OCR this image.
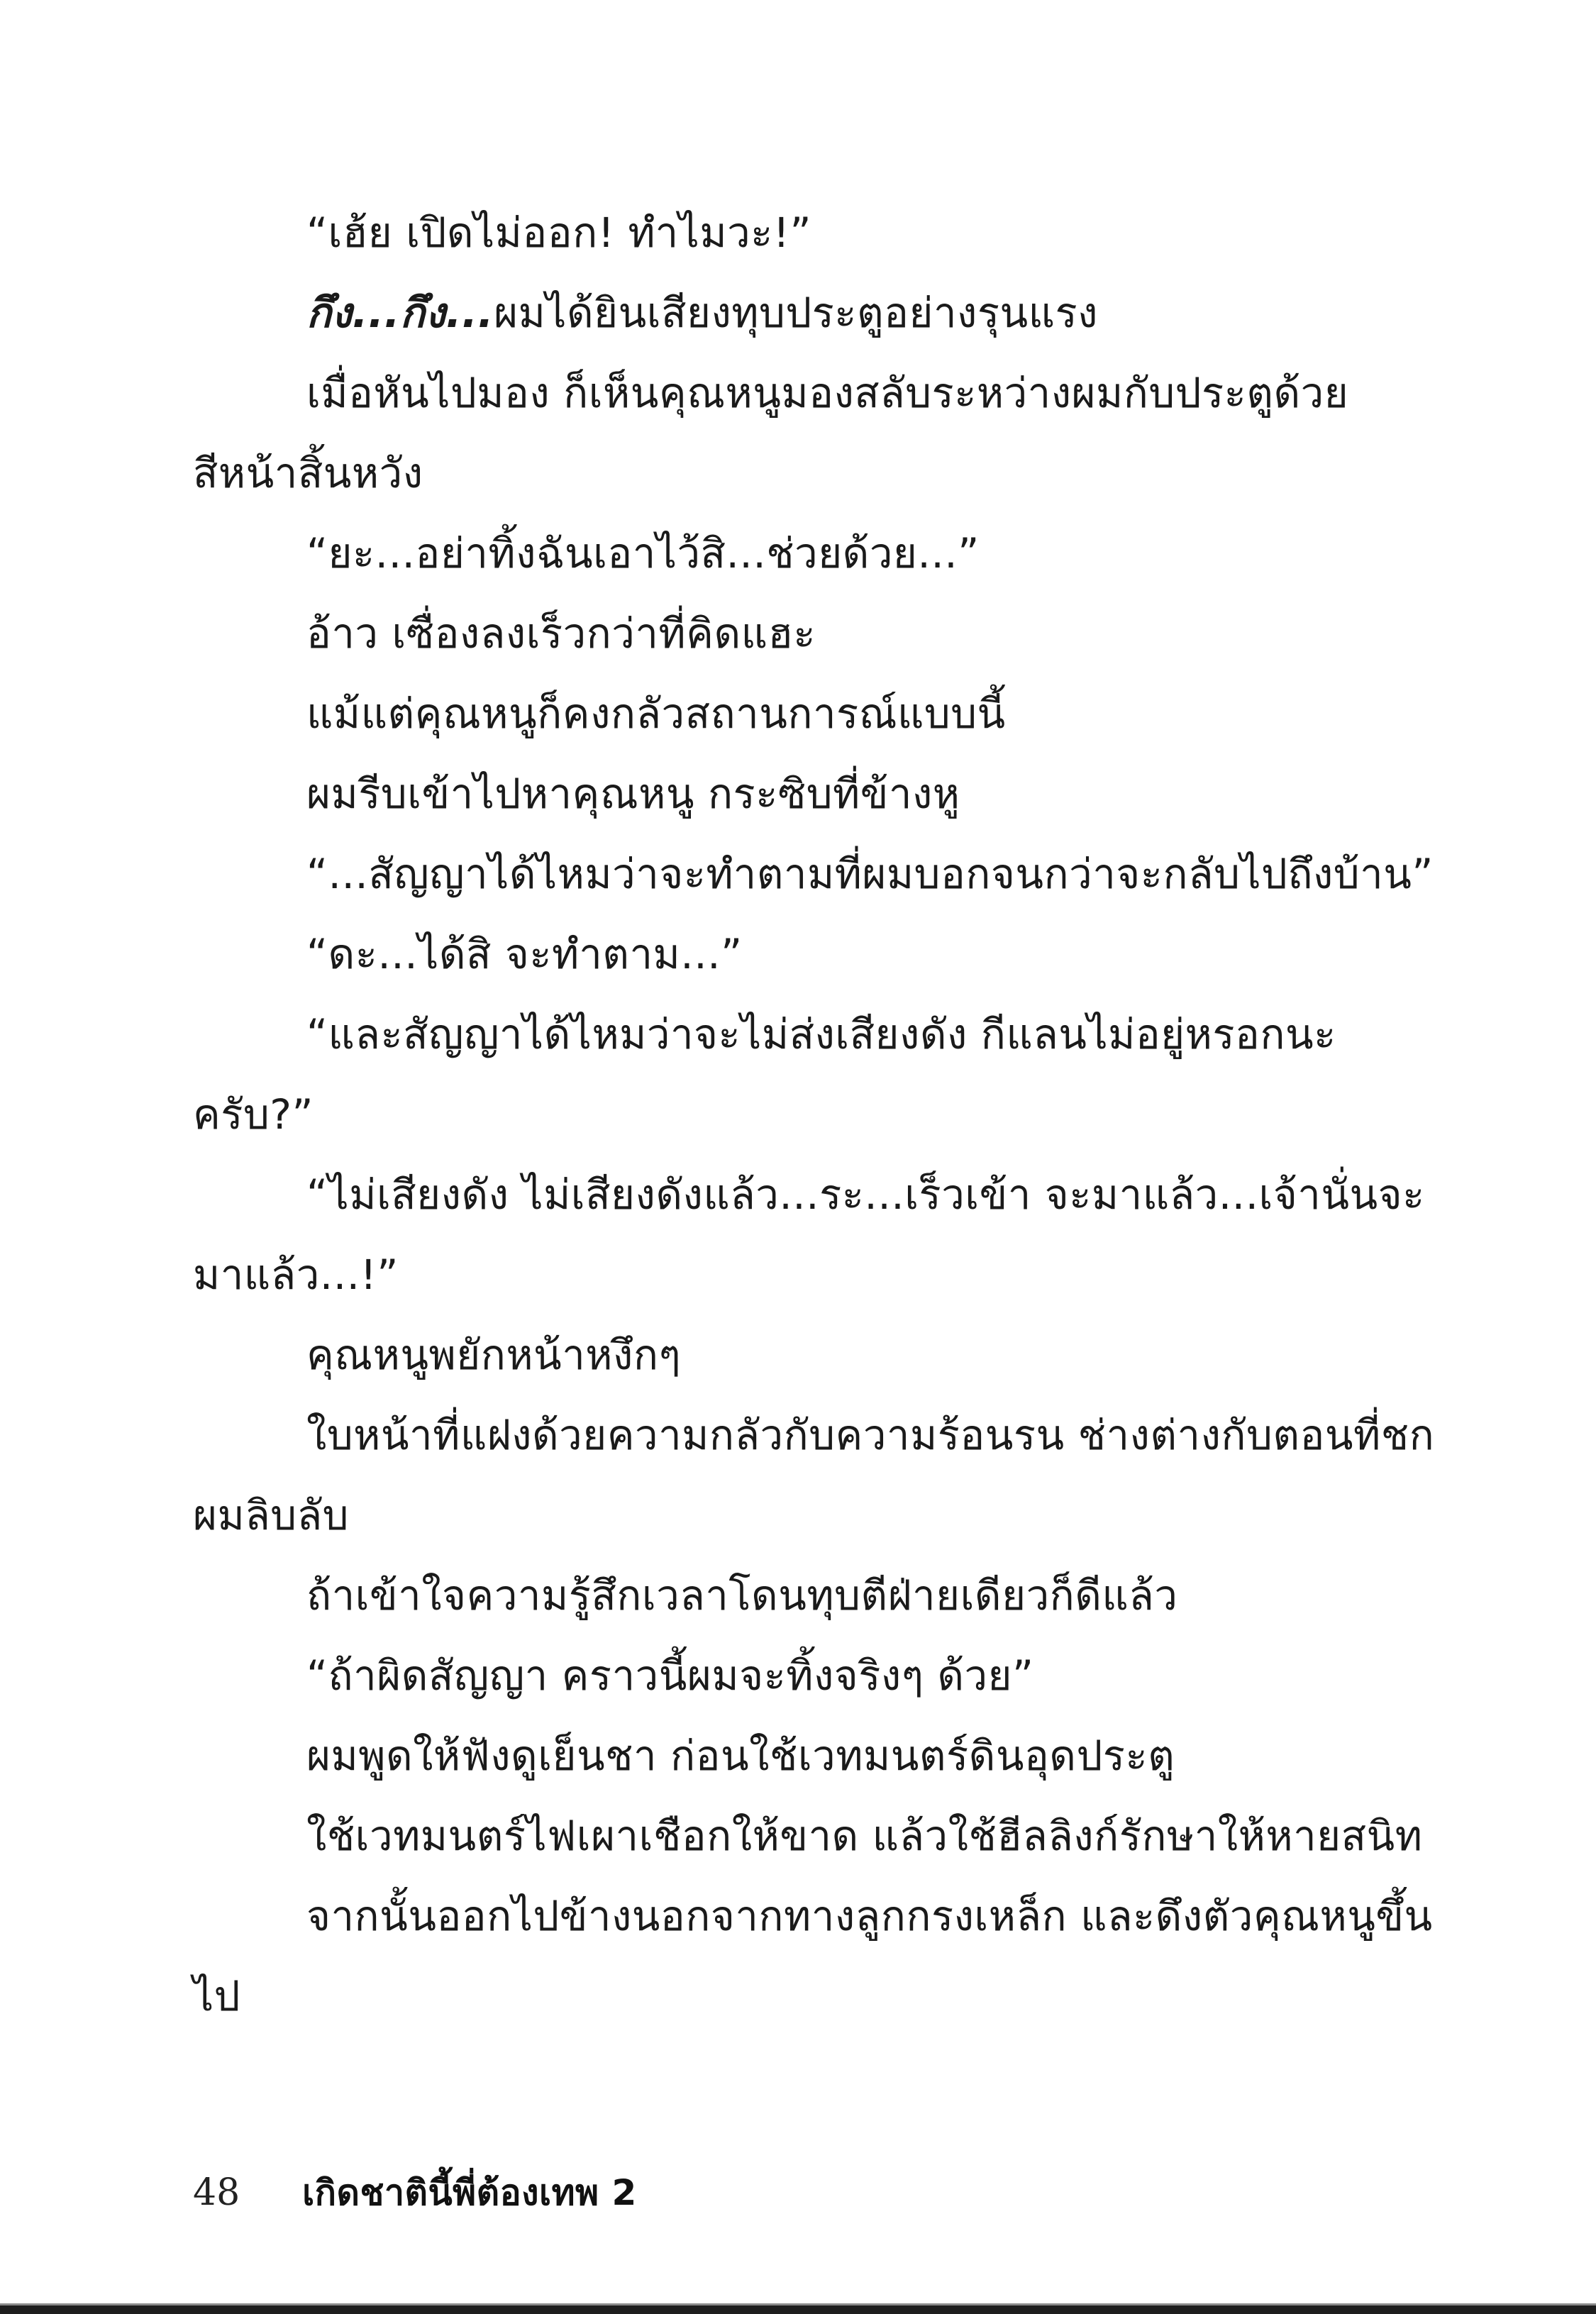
“เฮ้ย เปิดไม่ออก! ทำไมวะ!”

กึง...กึง...ผมได้ยินเสียงทุบประตูอย่างรุนแรง

เมื่อหันไปมอง ก็เห็นคุณหนูมองสลับระหว่างผมกับประตูด้วย

สีหน้าสิ้นหวัง

“ยะ...อย่าทิ้งฉันเอาไว้สิ...ช่วยด้วย...”

อ้าว เซื่องลงเร็วกว่าที่คิดแฮะ

แม้แต่คุณหนูก็คงกลัวสถานการณ์แบบนี้

ผมรีบเข้าไปหาคุณหนู กระซิบที่ข้างหู

“...สัญญาได้ไหมว่าจะทำตามที่ผมบอกจนกว่าจะกลับไปถึงบ้าน”

“ดะ...ได้สิ จะทำตาม...”

“และสัญญาได้ไหมว่าจะไม่ส่งเสียงดัง กีแลนไม่อยู่หรอกนะ

ครับ?”

“ไม่เสียงดัง ไม่เสียงดังแล้ว...ระ...เร็วเข้า จะมาแล้ว...เจ้านั่นจะ

มาแล้ว...!”

คุณหนูพยักหน้าหงึกๆ

ใบหน้าที่แฝงด้วยความกลัวกับความร้อนรน ช่างต่างกับตอนที่ชก

ผมลิบลับ

ถ้าเข้าใจความรู้สึกเวลาโดนทุบตีฝ่ายเดียวก็ดีแล้ว

“ถ้าผิดสัญญา คราวนี้ผมจะทิ้งจริงๆ ด้วย”

ผมพูดให้ฟังดูเย็นชา ก่อนใช้เวทมนตร์ดินอุดประตู

ใช้เวทมนตร์ไฟเผาเชือกให้ขาด แล้วใช้ฮีลลิงก์รักษาให้หายสนิท

จากนั้นออกไปข้างนอกจากทางลูกกรงเหล็ก และดึงตัวคุณหนูขึ้น

ไป

48 เกิดชาตินี้พี่ต้องเทพ 2
